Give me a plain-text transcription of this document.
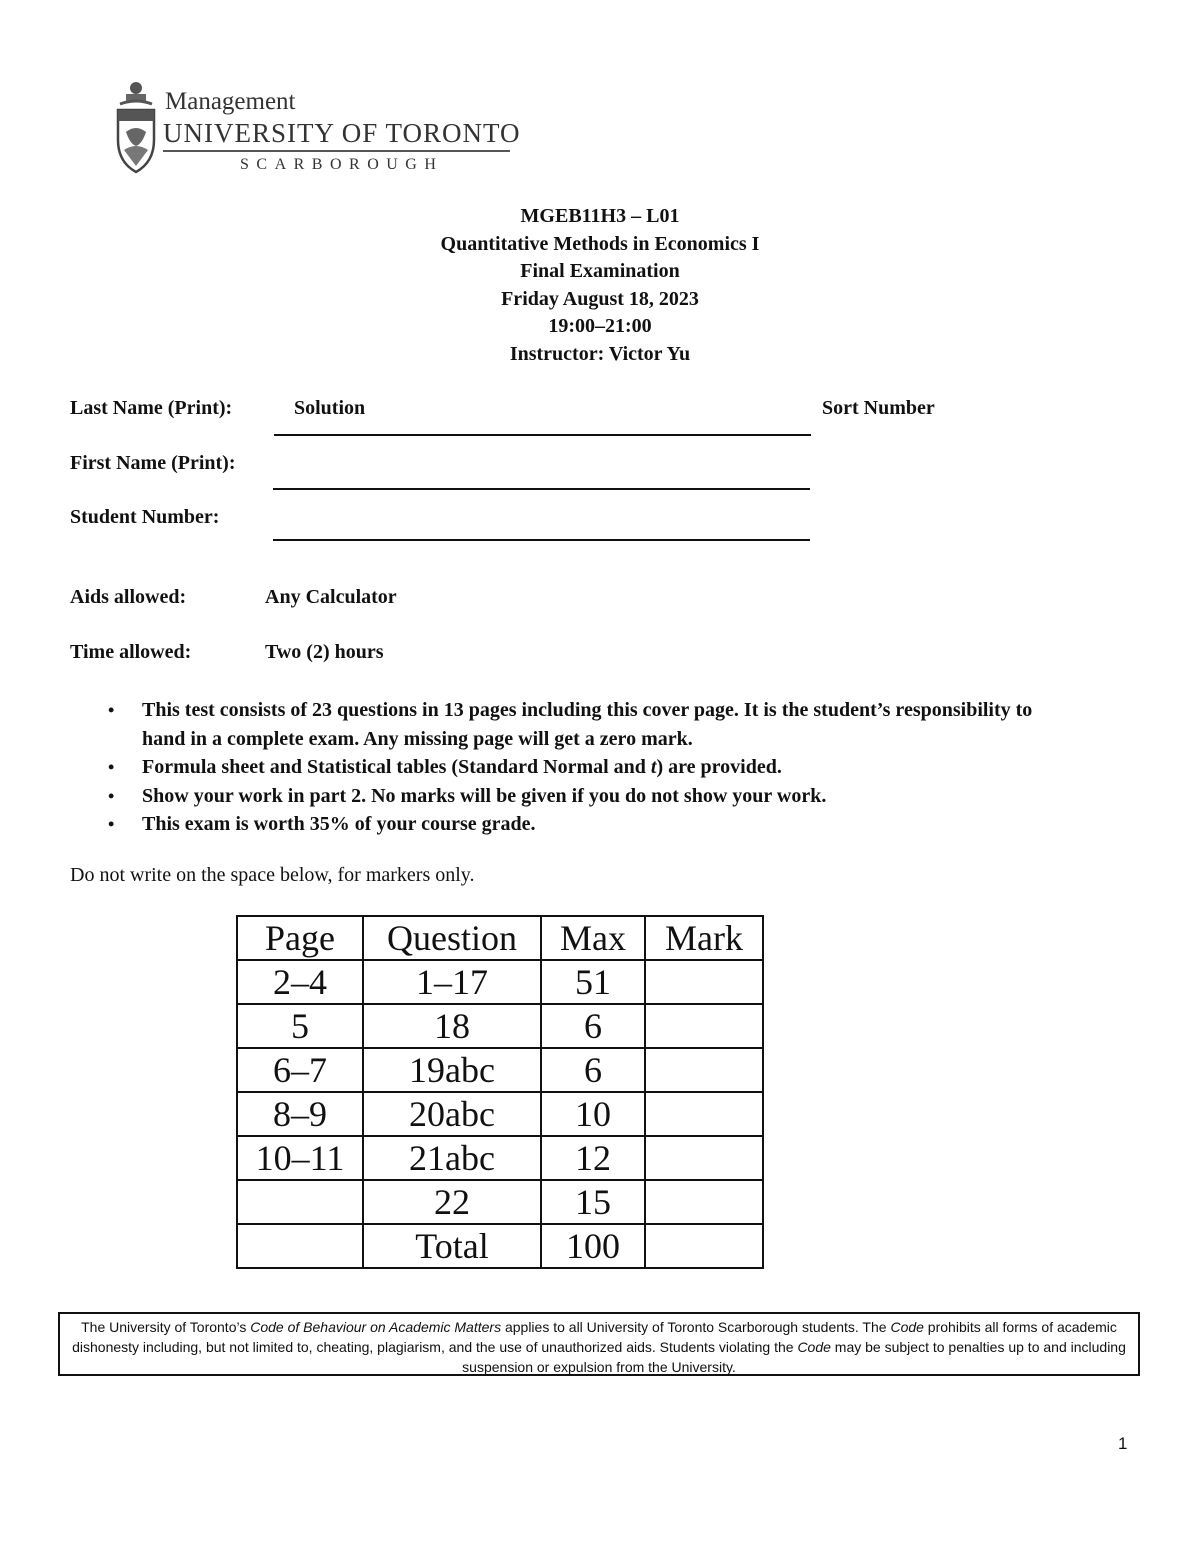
Management
UNIVERSITY OF TORONTO
SCARBOROUGH
MGEB11H3 – L01
Quantitative Methods in Economics I
Final Examination
Friday August 18, 2023
19:00–21:00
Instructor: Victor Yu
Last Name (Print):	Solution	Sort Number
First Name (Print):
Student Number:
Aids allowed:	Any Calculator
Time allowed:	Two (2) hours
• This test consists of 23 questions in 13 pages including this cover page. It is the student’s responsibility to hand in a complete exam. Any missing page will get a zero mark.
• Formula sheet and Statistical tables (Standard Normal and t) are provided.
• Show your work in part 2. No marks will be given if you do not show your work.
• This exam is worth 35% of your course grade.
Do not write on the space below, for markers only.
Page	Question	Max	Mark
2–4	1–17	51	
5	18	6	
6–7	19abc	6	
8–9	20abc	10	
10–11	21abc	12	
	22	15	
	Total	100	
The University of Toronto’s Code of Behaviour on Academic Matters applies to all University of Toronto Scarborough students. The Code prohibits all forms of academic dishonesty including, but not limited to, cheating, plagiarism, and the use of unauthorized aids. Students violating the Code may be subject to penalties up to and including suspension or expulsion from the University.
1
